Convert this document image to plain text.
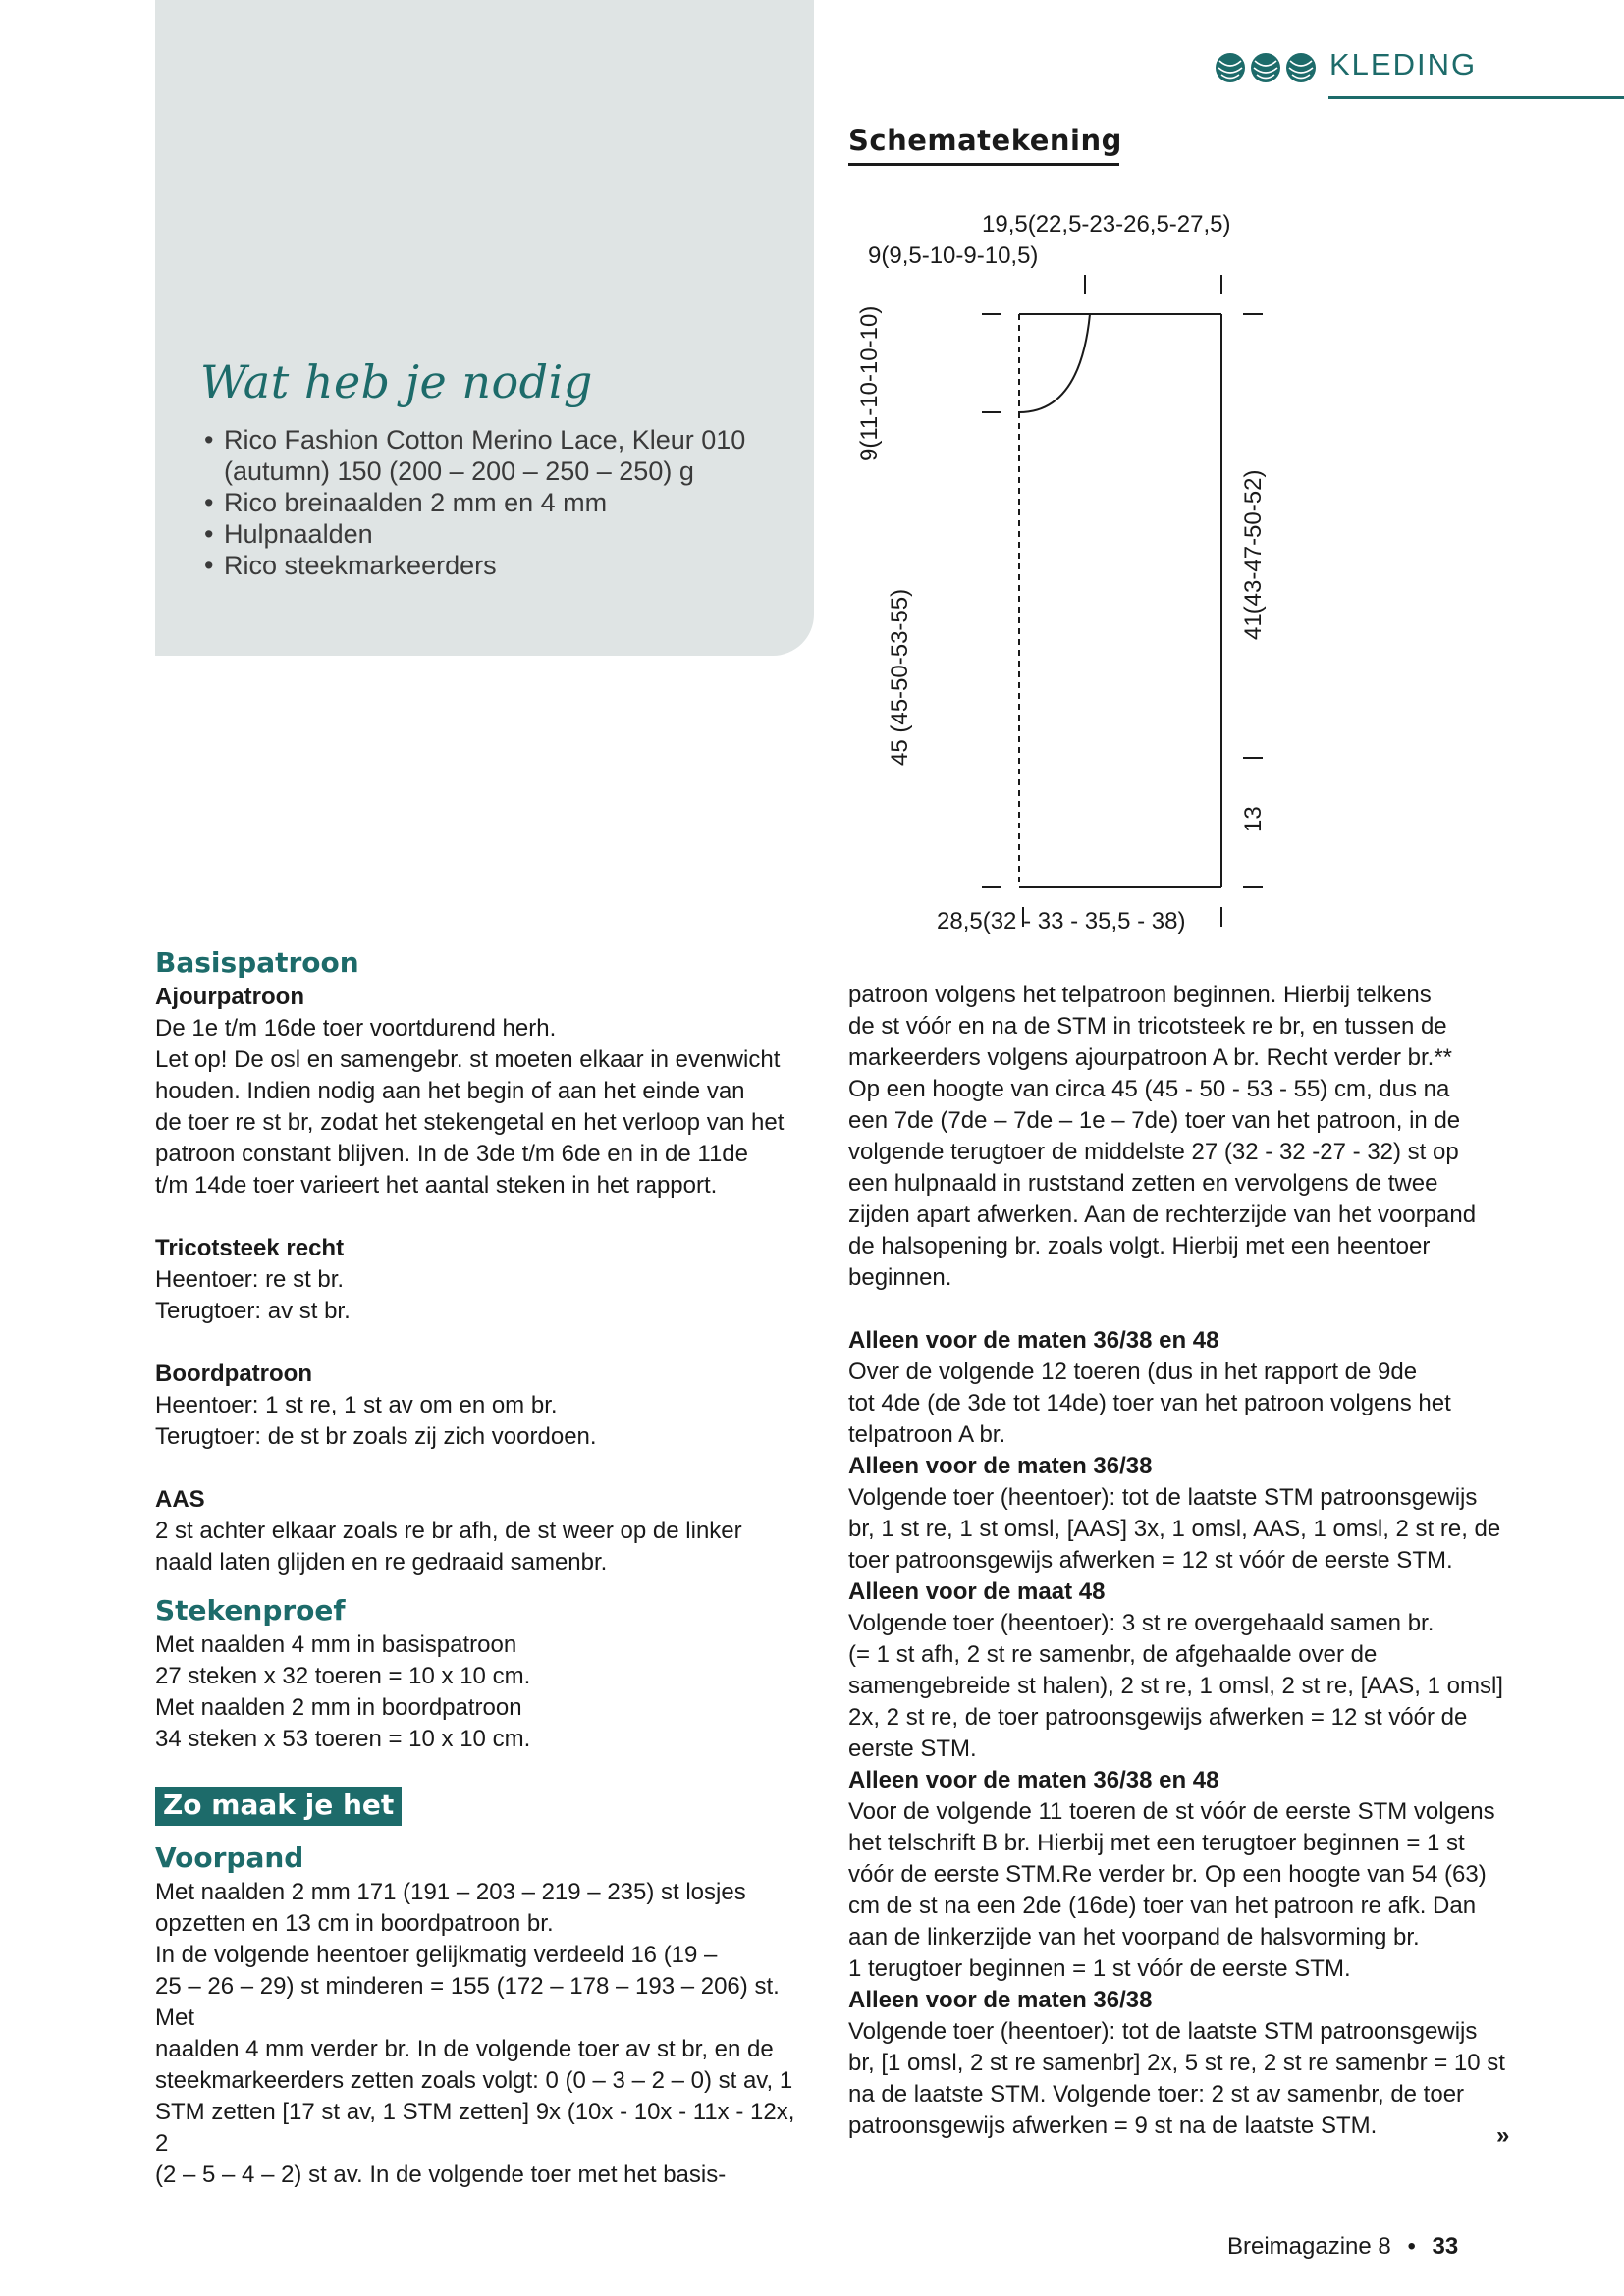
Wat heb je nodig
• Rico Fashion Cotton Merino Lace, Kleur 010 (autumn) 150 (200 – 200 – 250 – 250) g
• Rico breinaalden 2 mm en 4 mm
• Hulpnaalden
• Rico steekmarkeerders
KLEDING
Schematekening
19,5(22,5-23-26,5-27,5)
9(9,5-10-9-10,5)
9(11-10-10-10)
45 (45-50-53-55)
41(43-47-50-52)
13
28,5(32 - 33 - 35,5 - 38)

Basispatroon

Ajourpatroon

De 1e t/m 16de toer voortdurend herh.

Let op! De osl en samengebr. st moeten elkaar in evenwicht

houden. Indien nodig aan het begin of aan het einde van

de toer re st br, zodat het stekengetal en het verloop van het

patroon constant blijven. In de 3de t/m 6de en in de 11de

t/m 14de toer varieert het aantal steken in het rapport.

Tricotsteek recht

Heentoer: re st br.

Terugtoer: av st br.

Boordpatroon

Heentoer: 1 st re, 1 st av om en om br.

Terugtoer: de st br zoals zij zich voordoen.

AAS

2 st achter elkaar zoals re br afh, de st weer op de linker

naald laten glijden en re gedraaid samenbr.

Stekenproef

Met naalden 4 mm in basispatroon

27 steken x 32 toeren = 10 x 10 cm.

Met naalden 2 mm in boordpatroon

34 steken x 53 toeren = 10 x 10 cm.

Zo maak je het

Voorpand

Met naalden 2 mm 171 (191 – 203 – 219 – 235) st losjes

opzetten en 13 cm in boordpatroon br.

In de volgende heentoer gelijkmatig verdeeld 16 (19 –

25 – 26 – 29) st minderen = 155 (172 – 178 – 193 – 206) st. Met

naalden 4 mm verder br. In de volgende toer av st br, en de

steekmarkeerders zetten zoals volgt: 0 (0 – 3 – 2 – 0) st av, 1

STM zetten [17 st av, 1 STM zetten] 9x (10x - 10x - 11x - 12x, 2

(2 – 5 – 4 – 2) st av. In de volgende toer met het basis-

patroon volgens het telpatroon beginnen. Hierbij telkens

de st vóór en na de STM in tricotsteek re br, en tussen de

markeerders volgens ajourpatroon A br. Recht verder br.**

Op een hoogte van circa 45 (45 - 50 - 53 - 55) cm, dus na

een 7de (7de – 7de – 1e – 7de) toer van het patroon, in de

volgende terugtoer de middelste 27 (32 - 32 -27 - 32) st op

een hulpnaald in ruststand zetten en vervolgens de twee

zijden apart afwerken. Aan de rechterzijde van het voorpand

de halsopening br. zoals volgt. Hierbij met een heentoer

beginnen.

Alleen voor de maten 36/38 en 48

Over de volgende 12 toeren (dus in het rapport de 9de

tot 4de (de 3de tot 14de) toer van het patroon volgens het

telpatroon A br.

Alleen voor de maten 36/38

Volgende toer (heentoer): tot de laatste STM patroonsgewijs

br, 1 st re, 1 st omsl, [AAS] 3x, 1 omsl, AAS, 1 omsl, 2 st re, de

toer patroonsgewijs afwerken = 12 st vóór de eerste STM.

Alleen voor de maat 48

Volgende toer (heentoer): 3 st re overgehaald samen br.

(= 1 st afh, 2 st re samenbr, de afgehaalde over de

samengebreide st halen), 2 st re, 1 omsl, 2 st re, [AAS, 1 omsl]

2x, 2 st re, de toer patroonsgewijs afwerken = 12 st vóór de

eerste STM.

Alleen voor de maten 36/38 en 48

Voor de volgende 11 toeren de st vóór de eerste STM volgens

het telschrift B br. Hierbij met een terugtoer beginnen = 1 st

vóór de eerste STM.Re verder br. Op een hoogte van 54 (63)

cm de st na een 2de (16de) toer van het patroon re afk. Dan

aan de linkerzijde van het voorpand de halsvorming br.

1 terugtoer beginnen = 1 st vóór de eerste STM.

Alleen voor de maten 36/38

Volgende toer (heentoer): tot de laatste STM patroonsgewijs

br, [1 omsl, 2 st re samenbr] 2x, 5 st re, 2 st re samenbr = 10 st

na de laatste STM. Volgende toer: 2 st av samenbr, de toer

patroonsgewijs afwerken = 9 st na de laatste STM.	»
Breimagazine 8 • 33
